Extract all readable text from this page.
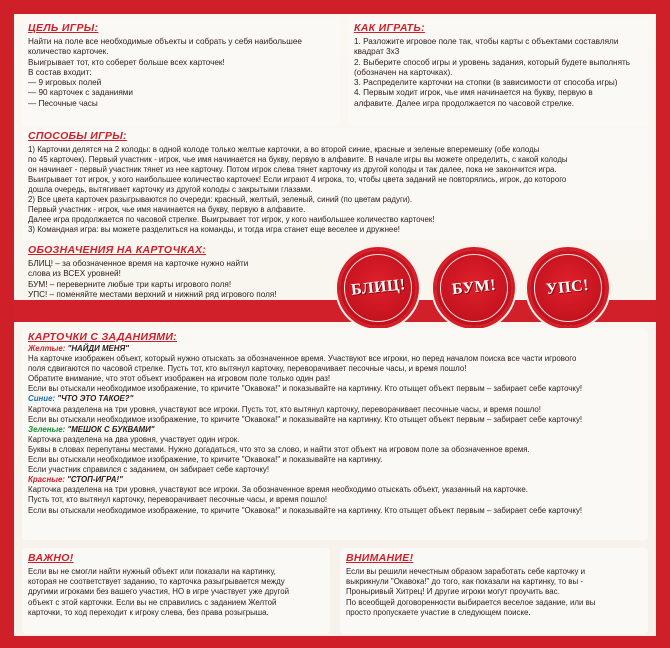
ЦЕЛЬ ИГРЫ:

Найти на поле все необходимые объекты и собрать у себя наибольшее

количество карточек.

Выигрывает тот, кто соберет больше всех карточек!

В состав входит:

— 9 игровых полей

— 90 карточек с заданиями

— Песочные часы

КАК ИГРАТЬ:

1. Разложите игровое поле так, чтобы карты с объектами составляли

квадрат 3х3

2. Выберите способ игры и уровень задания, который будете выполнять

(обозначен на карточках).

3. Распределите карточки на стопки (в зависимости от способа игры)

4. Первым ходит игрок, чье имя начинается на букву, первую в

алфавите. Далее игра продолжается по часовой стрелке.

СПОСОБЫ ИГРЫ:

1) Карточки делятся на 2 колоды: в одной колоде только желтые карточки, а во второй синие, красные и зеленые вперемешку (обе колоды

по 45 карточек). Первый участник - игрок, чье имя начинается на букву, первую в алфавите. В начале игры вы можете определить, с какой колоды

он начинает - первый участник тянет из нее карточку. Потом игрок слева тянет карточку из другой колоды и так далее, пока не закончится игра.

Выигрывает тот игрок, у кого наибольшее количество карточек! Если играют 4 игрока, то, чтобы цвета заданий не повторялись, игрок, до которого

дошла очередь, вытягивает карточку из другой колоды с закрытыми глазами.

2) Все цвета карточек разыгрываются по очереди: красный, желтый, зеленый, синий (по цветам радуги).

Первый участник - игрок, чье имя начинается на букву, первую в алфавите.

Далее игра продолжается по часовой стрелке. Выигрывает тот игрок, у кого наибольшее количество карточек!

3) Командная игра: вы можете разделиться на команды, и тогда игра станет еще веселее и дружнее!

ОБОЗНАЧЕНИЯ НА КАРТОЧКАХ:

БЛИЦ! – за обозначенное время на карточке нужно найти

слова из ВСЕХ уровней!

БУМ! – переверните любые три карты игрового поля!

УПС! – поменяйте местами верхний и нижний ряд игрового поля!	БЛИЦ!	БУМ!	УПС!
КАРТОЧКИ С ЗАДАНИЯМИ:

Желтые: "НАЙДИ МЕНЯ"

На карточке изображен объект, который нужно отыскать за обозначенное время. Участвуют все игроки, но перед началом поиска все части игрового

поля сдвигаются по часовой стрелке. Пусть тот, кто вытянул карточку, переворачивает песочные часы, и время пошло!

Обратите внимание, что этот объект изображен на игровом поле только один раз!

Если вы отыскали необходимое изображение, то кричите "Окавока!" и показывайте на картинку. Кто отыщет объект первым – забирает себе карточку!

Синие: "ЧТО ЭТО ТАКОЕ?"

Карточка разделена на три уровня, участвуют все игроки. Пусть тот, кто вытянул карточку, переворачивает песочные часы, и время пошло!

Если вы отыскали необходимое изображение, то кричите "Окавока!" и показывайте на картинку. Кто отыщет объект первым – забирает себе карточку!

Зеленые: "МЕШОК С БУКВАМИ"

Карточка разделена на два уровня, участвует один игрок.

Буквы в словах перепутаны местами. Нужно догадаться, что это за слово, и найти этот объект на игровом поле за обозначенное время.

Если вы отыскали необходимое изображение, то кричите "Окавока!" и показывайте на картинку.

Если участник справился с заданием, он забирает себе карточку!

Красные: "СТОП-ИГРА!"

Карточка разделена на три уровня, участвуют все игроки. За обозначенное время необходимо отыскать объект, указанный на карточке.

Пусть тот, кто вытянул карточку, переворачивает песочные часы, и время пошло!

Если вы отыскали необходимое изображение, то кричите "Окавока!" и показывайте на картинку. Кто отыщет объект первым – забирает себе карточку!

ВАЖНО!

Если вы не смогли найти нужный объект или показали на картинку,

которая не соответствует заданию, то карточка разыгрывается между

другими игроками без вашего участия, НО в игре участвует уже другой

объект с этой карточки. Если вы не справились с заданием Желтой

карточки, то ход переходит к игроку слева, без права розыгрыша.

ВНИМАНИЕ!

Если вы решили нечестным образом заработать себе карточку и

выкрикнули "Окавока!" до того, как показали на картинку, то вы -

Проныривый Хитрец! И другие игроки могут проучить вас.

По всеобщей договоренности выбирается веселое задание, или вы

просто пропускаете участие в следующем поиске.
